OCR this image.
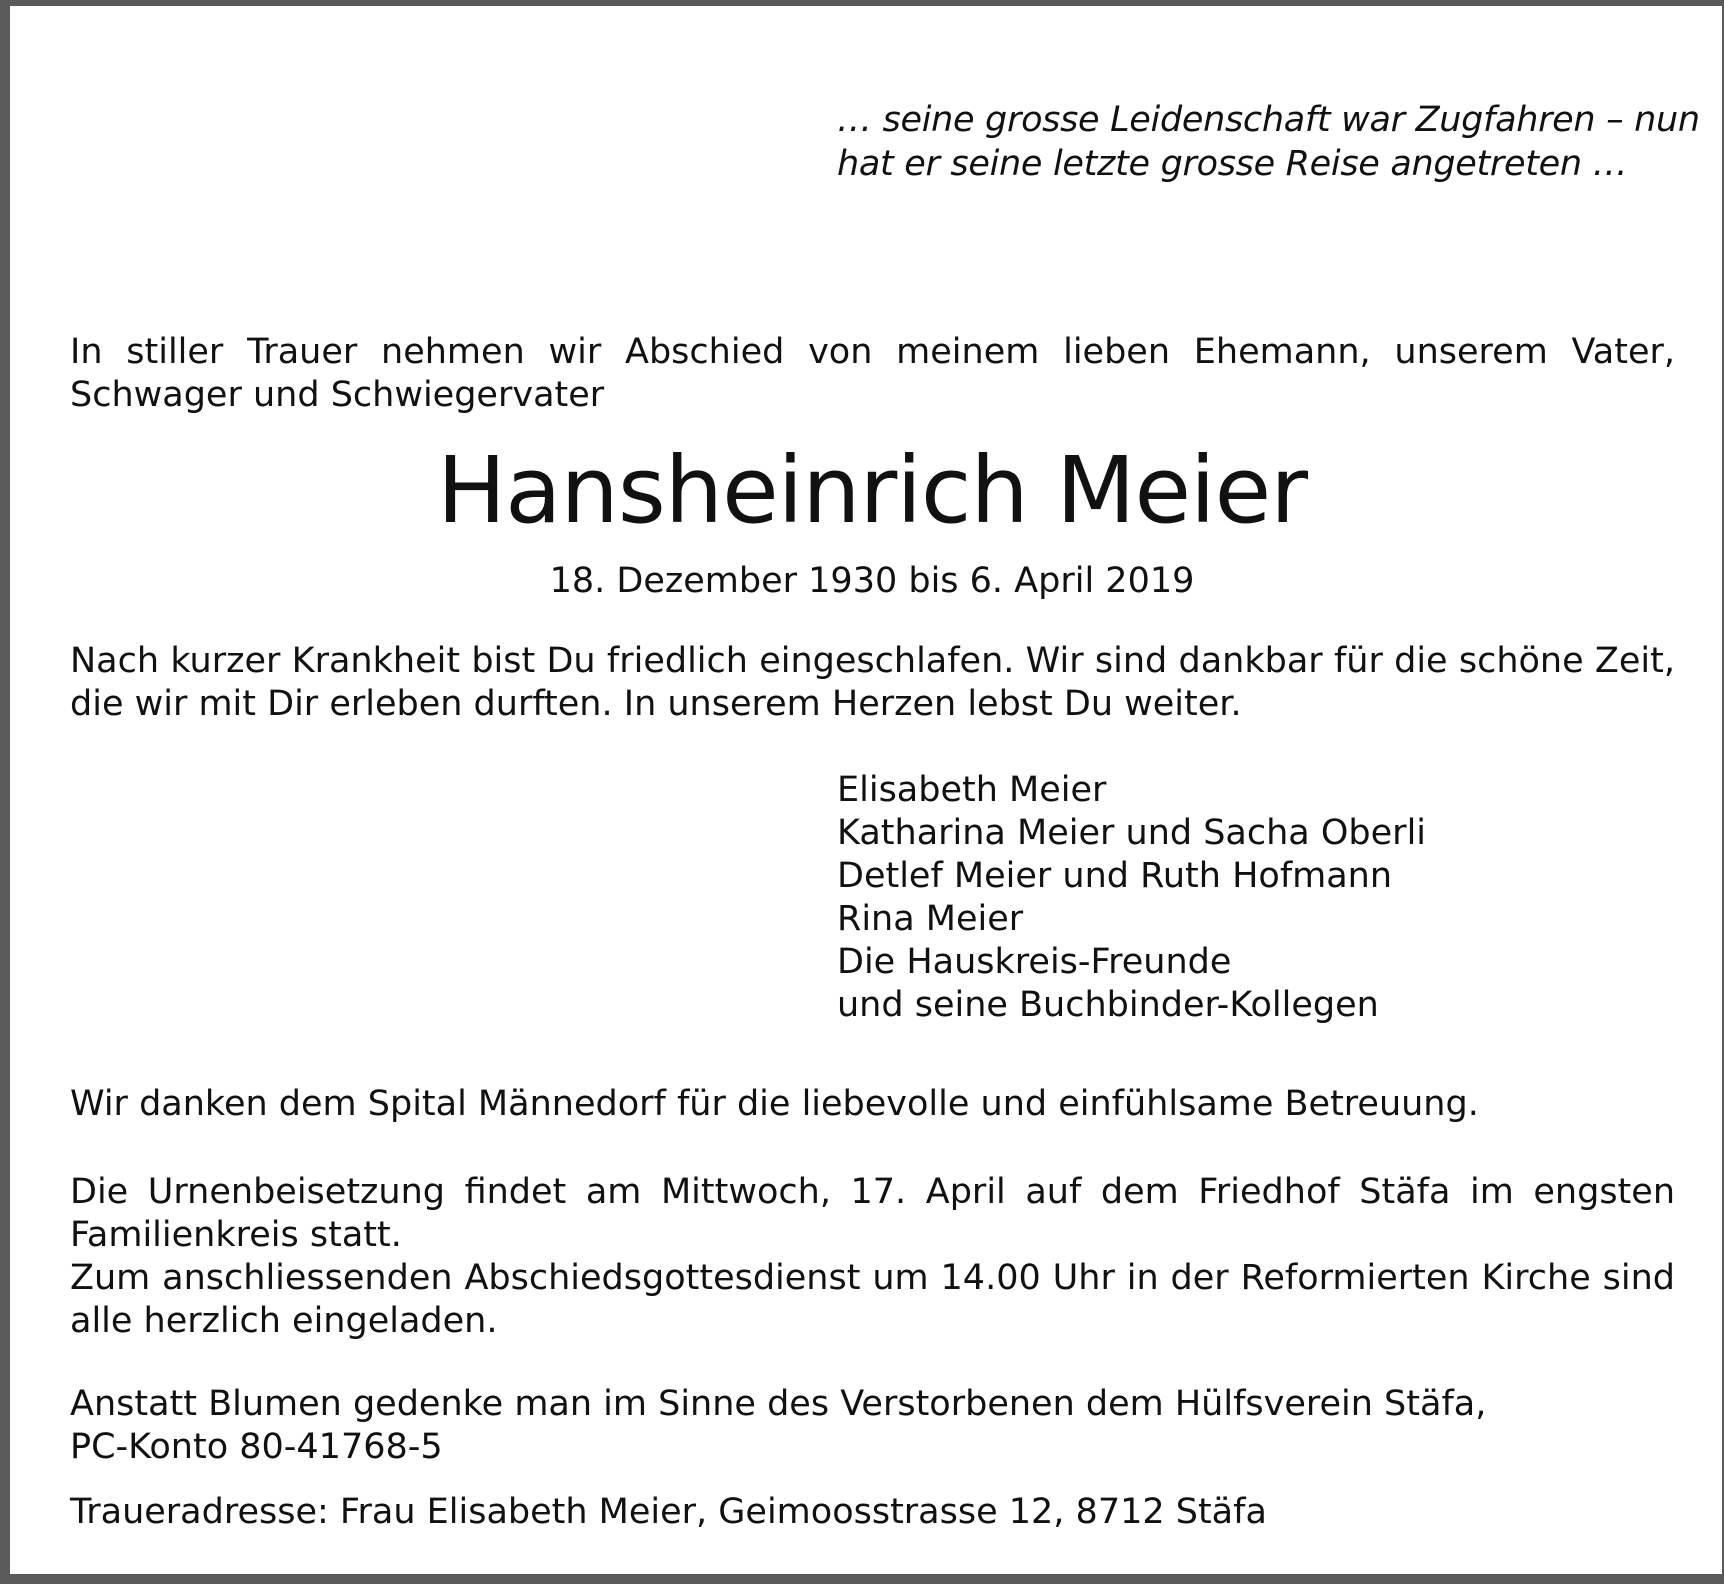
… seine grosse Leidenschaft war Zugfahren – nun
hat er seine letzte grosse Reise angetreten …

In stiller Trauer nehmen wir Abschied von meinem lieben Ehemann, unserem Vater, Schwager und Schwiegervater

Hansheinrich Meier
18. Dezember 1930 bis 6. April 2019

Nach kurzer Krankheit bist Du friedlich eingeschlafen. Wir sind dankbar für die schöne Zeit, die wir mit Dir erleben durften. In unserem Herzen lebst Du weiter.

Elisabeth Meier
Katharina Meier und Sacha Oberli
Detlef Meier und Ruth Hofmann
Rina Meier
Die Hauskreis-Freunde
und seine Buchbinder-Kollegen

Wir danken dem Spital Männedorf für die liebevolle und einfühlsame Betreuung.

Die Urnenbeisetzung findet am Mittwoch, 17. April auf dem Friedhof Stäfa im engsten Familienkreis statt.

Zum anschliessenden Abschiedsgottesdienst um 14.00 Uhr in der Reformierten Kirche sind alle herzlich eingeladen.

Anstatt Blumen gedenke man im Sinne des Verstorbenen dem Hülfsverein Stäfa,

PC-Konto 80-41768-5

Traueradresse: Frau Elisabeth Meier, Geimoosstrasse 12, 8712 Stäfa
